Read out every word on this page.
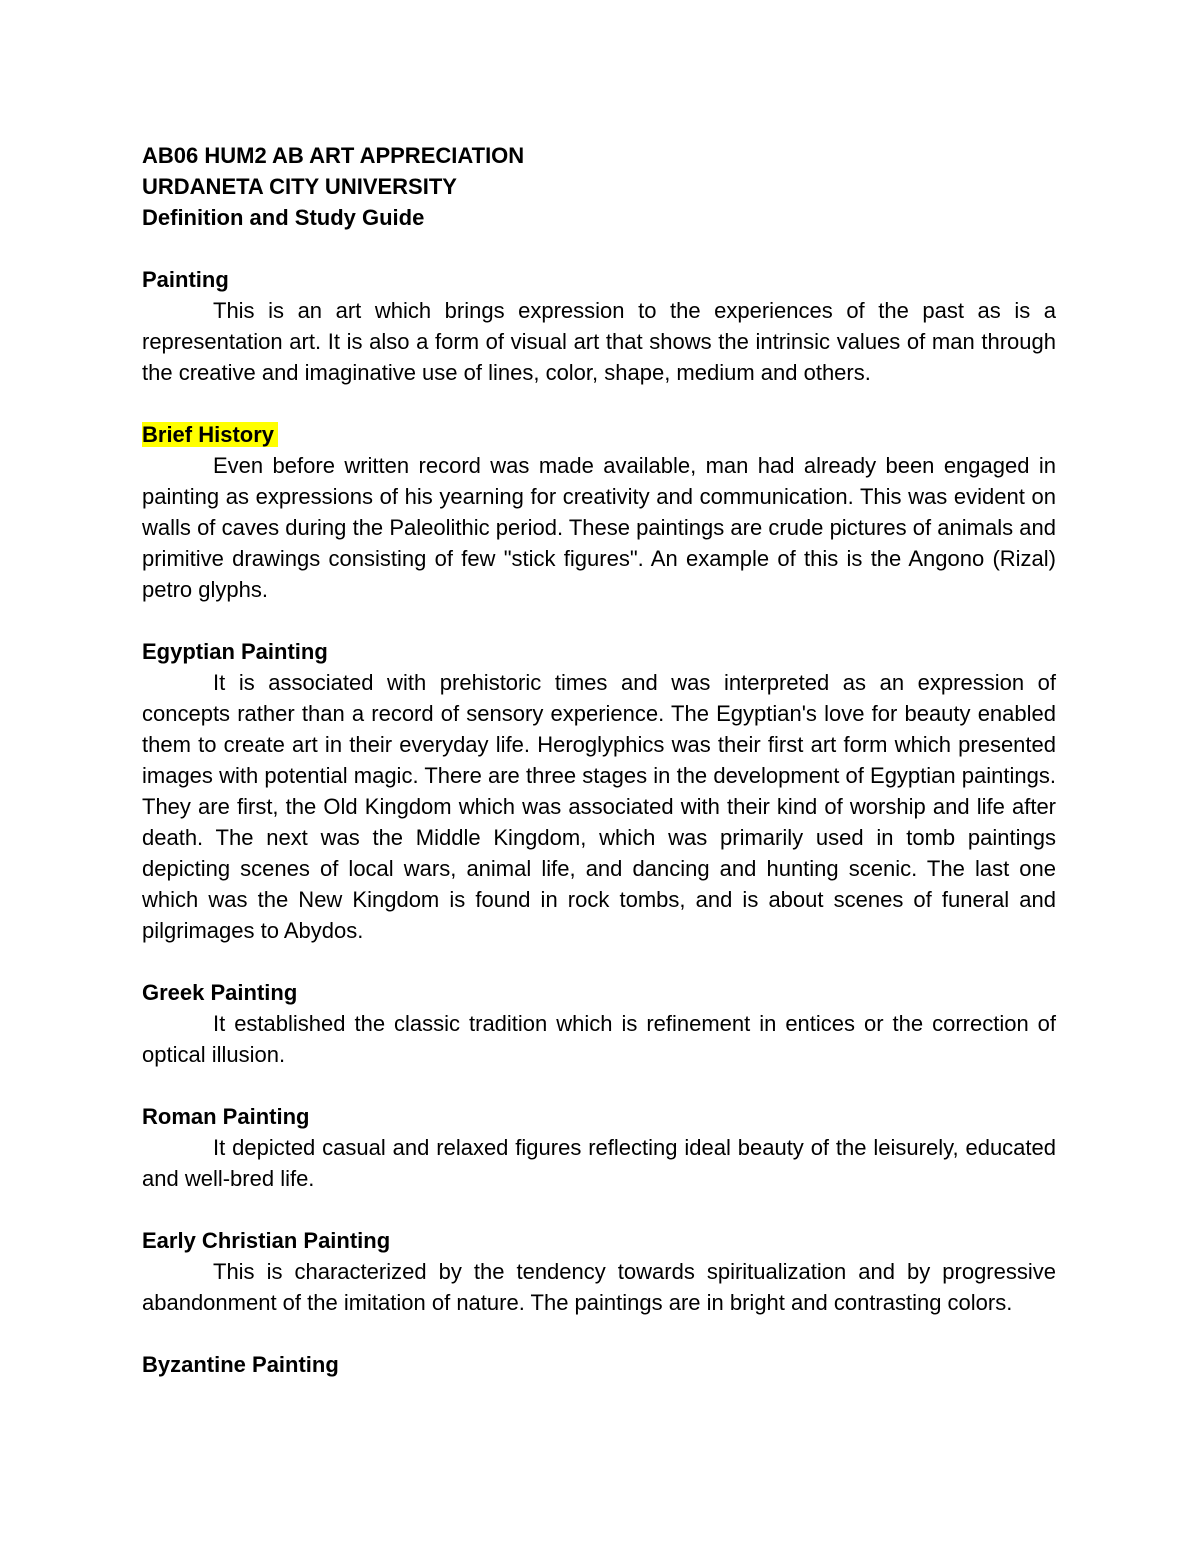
AB06 HUM2 AB ART APPRECIATION

URDANETA CITY UNIVERSITY

Definition and Study Guide

Painting

This is an art which brings expression to the experiences of the past as is a representation art. It is also a form of visual art that shows the intrinsic values of man through the creative and imaginative use of lines, color, shape, medium and others.

Brief History

Even before written record was made available, man had already been engaged in painting as expressions of his yearning for creativity and communication. This was evident on walls of caves during the Paleolithic period. These paintings are crude pictures of animals and primitive drawings consisting of few "stick figures". An example of this is the Angono (Rizal) petro glyphs.

Egyptian Painting

It is associated with prehistoric times and was interpreted as an expression of concepts rather than a record of sensory experience. The Egyptian's love for beauty enabled them to create art in their everyday life. Heroglyphics was their first art form which presented images with potential magic. There are three stages in the development of Egyptian paintings. They are first, the Old Kingdom which was associated with their kind of worship and life after death. The next was the Middle Kingdom, which was primarily used in tomb paintings depicting scenes of local wars, animal life, and dancing and hunting scenic. The last one which was the New Kingdom is found in rock tombs, and is about scenes of funeral and pilgrimages to Abydos.

Greek Painting

It established the classic tradition which is refinement in entices or the correction of optical illusion.

Roman Painting

It depicted casual and relaxed figures reflecting ideal beauty of the leisurely, educated and well-bred life.

Early Christian Painting

This is characterized by the tendency towards spiritualization and by progressive abandonment of the imitation of nature. The paintings are in bright and contrasting colors.

Byzantine Painting
